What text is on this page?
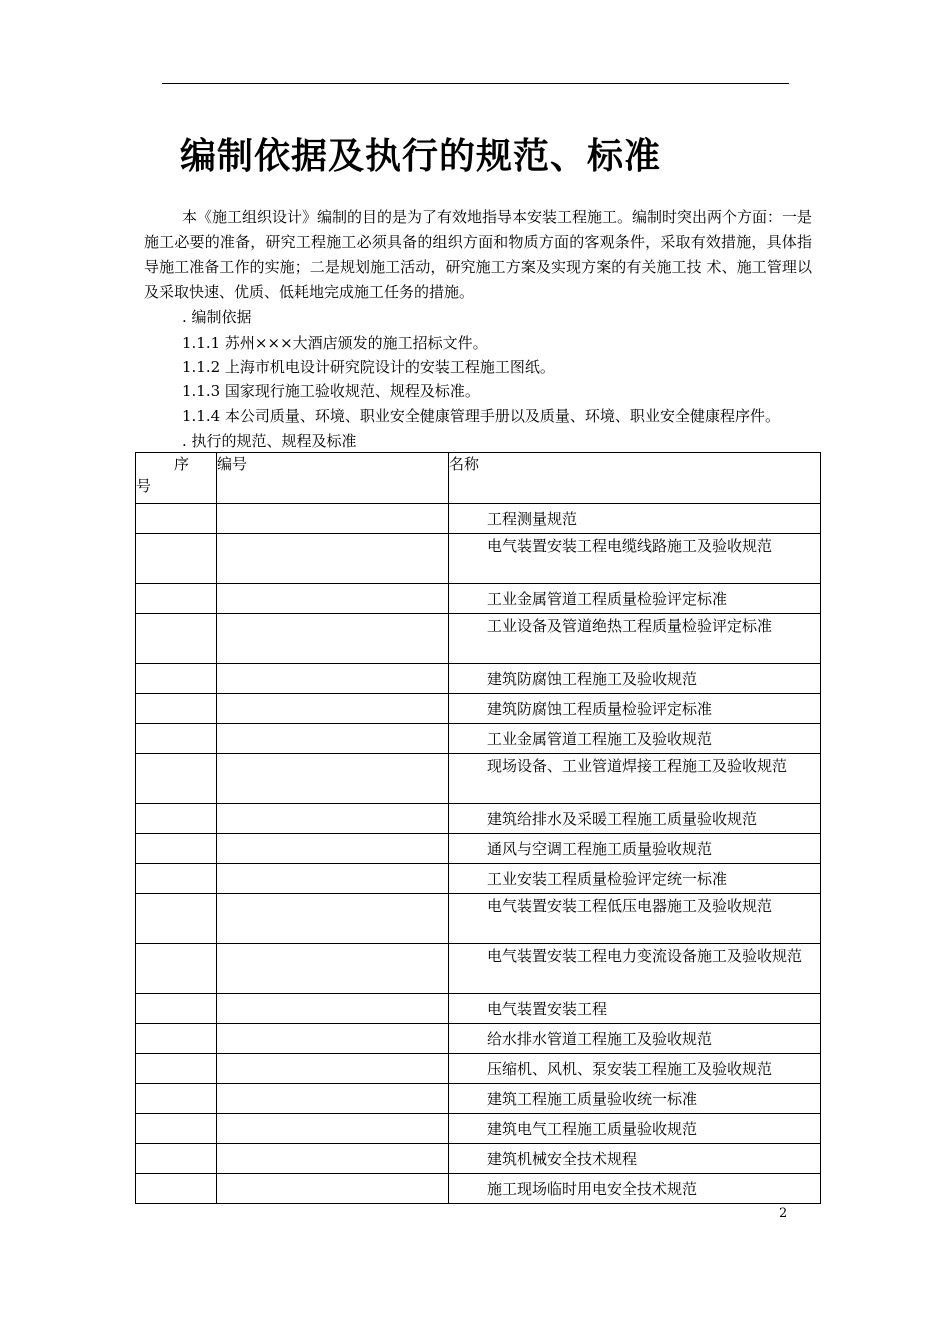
编制依据及执行的规范、标准

本《施工组织设计》编制的目的是为了有效地指导本安装工程施工。编制时突出两个方面：一是施工必要的准备，研究工程施工必须具备的组织方面和物质方面的客观条件，采取有效措施，具体指导施工准备工作的实施；二是规划施工活动，研究施工方案及实现方案的有关施工技 术、施工管理以及采取快速、优质、低耗地完成施工任务的措施。

. 编制依据

1.1.1 苏州×××大酒店颁发的施工招标文件。

1.1.2 上海市机电设计研究院设计的安装工程施工图纸。

1.1.3 国家现行施工验收规范、规程及标准。

1.1.4 本公司质量、环境、职业安全健康管理手册以及质量、环境、职业安全健康程序件。

. 执行的规范、规程及标准

序
号	编号	名称
		工程测量规范
		电气装置安装工程电缆线路施工及验收规范
		工业金属管道工程质量检验评定标准
		工业设备及管道绝热工程质量检验评定标准
		建筑防腐蚀工程施工及验收规范
		建筑防腐蚀工程质量检验评定标准
		工业金属管道工程施工及验收规范
		现场设备、工业管道焊接工程施工及验收规范
		建筑给排水及采暖工程施工质量验收规范
		通风与空调工程施工质量验收规范
		工业安装工程质量检验评定统一标准
		电气装置安装工程低压电器施工及验收规范
		电气装置安装工程电力变流设备施工及验收规范
		电气装置安装工程
		给水排水管道工程施工及验收规范
		压缩机、风机、泵安装工程施工及验收规范
		建筑工程施工质量验收统一标准
		建筑电气工程施工质量验收规范
		建筑机械安全技术规程
		施工现场临时用电安全技术规范
2
